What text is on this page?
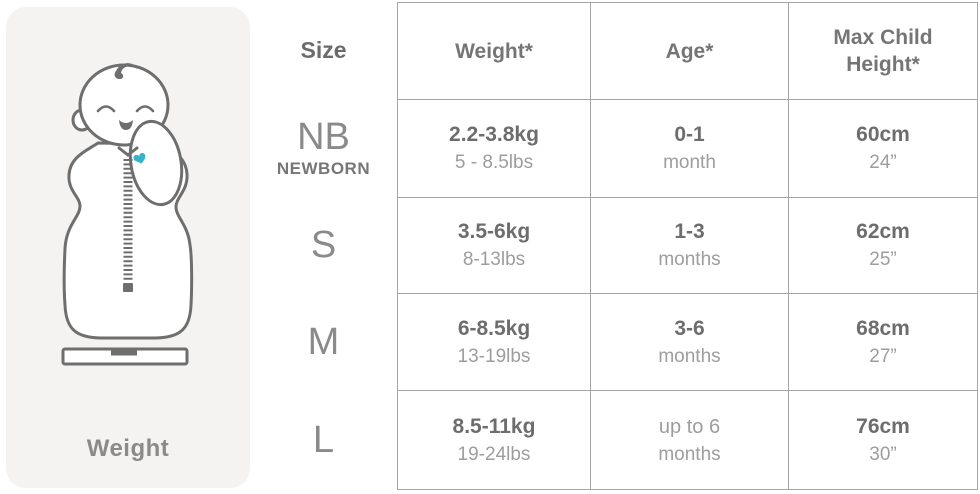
Weight
Size
NB
NEWBORN
S
M
L
Weight*	Age*
Max Child Height*
2.2-3.8kg
5 - 8.5lbs
0-1
month
60cm
24”
3.5-6kg
8-13lbs
1-3
months
62cm
25”
6-8.5kg
13-19lbs
3-6
months
68cm
27”
8.5-11kg
19-24lbs
up to 6
months
76cm
30”
